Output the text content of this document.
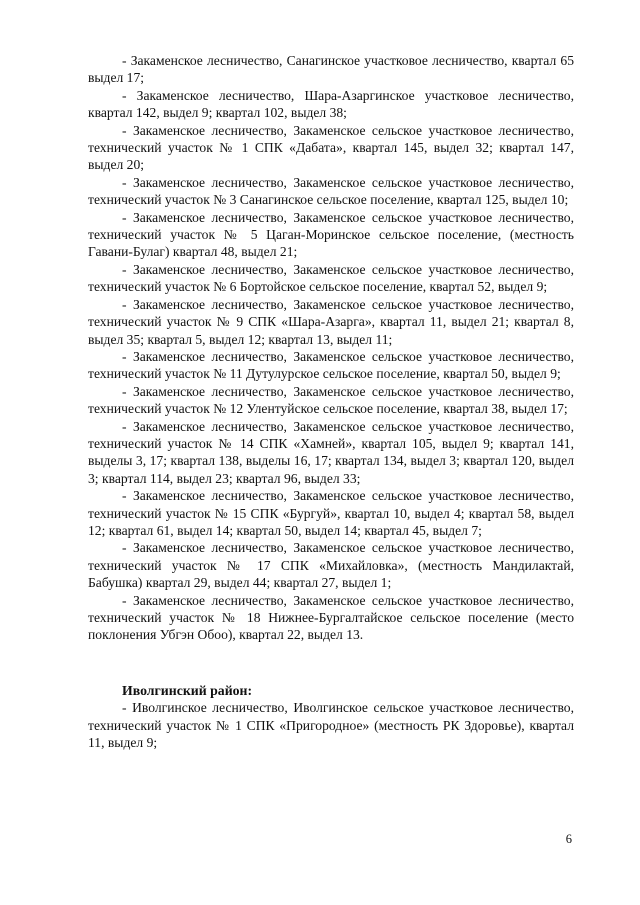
- Закаменское лесничество, Санагинское участковое лесничество, квартал 65 выдел 17;

- Закаменское лесничество, Шара-Азаргинское участковое лесничество, квартал 142, выдел 9; квартал 102, выдел 38;

- Закаменское лесничество, Закаменское сельское участковое лесничество, технический участок № 1 СПК «Дабата», квартал 145, выдел 32; квартал 147, выдел 20;

- Закаменское лесничество, Закаменское сельское участковое лесничество, технический участок № 3 Санагинское сельское поселение, квартал 125, выдел 10;

- Закаменское лесничество, Закаменское сельское участковое лесничество, технический участок № 5 Цаган-Моринское сельское поселение, (местность Гавани-Булаг) квартал 48, выдел 21;

- Закаменское лесничество, Закаменское сельское участковое лесничество, технический участок № 6 Бортойское сельское поселение, квартал 52, выдел 9;

- Закаменское лесничество, Закаменское сельское участковое лесничество, технический участок № 9 СПК «Шара-Азарга», квартал 11, выдел 21; квартал 8, выдел 35; квартал 5, выдел 12; квартал 13, выдел 11;

- Закаменское лесничество, Закаменское сельское участковое лесничество, технический участок № 11 Дутулурское сельское поселение, квартал 50, выдел 9;

- Закаменское лесничество, Закаменское сельское участковое лесничество, технический участок № 12 Улентуйское сельское поселение, квартал 38, выдел 17;

- Закаменское лесничество, Закаменское сельское участковое лесничество, технический участок № 14 СПК «Хамней», квартал 105, выдел 9; квартал 141, выделы 3, 17; квартал 138, выделы 16, 17; квартал 134, выдел 3; квартал 120, выдел 3; квартал 114, выдел 23; квартал 96, выдел 33;

- Закаменское лесничество, Закаменское сельское участковое лесничество, технический участок № 15 СПК «Бургуй», квартал 10, выдел 4; квартал 58, выдел 12; квартал 61, выдел 14; квартал 50, выдел 14; квартал 45, выдел 7;

- Закаменское лесничество, Закаменское сельское участковое лесничество, технический участок № 17 СПК «Михайловка», (местность Мандилактай, Бабушка) квартал 29, выдел 44; квартал 27, выдел 1;

- Закаменское лесничество, Закаменское сельское участковое лесничество, технический участок № 18 Нижнее-Бургалтайское сельское поселение (место поклонения Убгэн Обоо), квартал 22, выдел 13.

Иволгинский район:

- Иволгинское лесничество, Иволгинское сельское участковое лесничество, технический участок № 1 СПК «Пригородное» (местность РК Здоровье), квартал 11, выдел 9;

6
